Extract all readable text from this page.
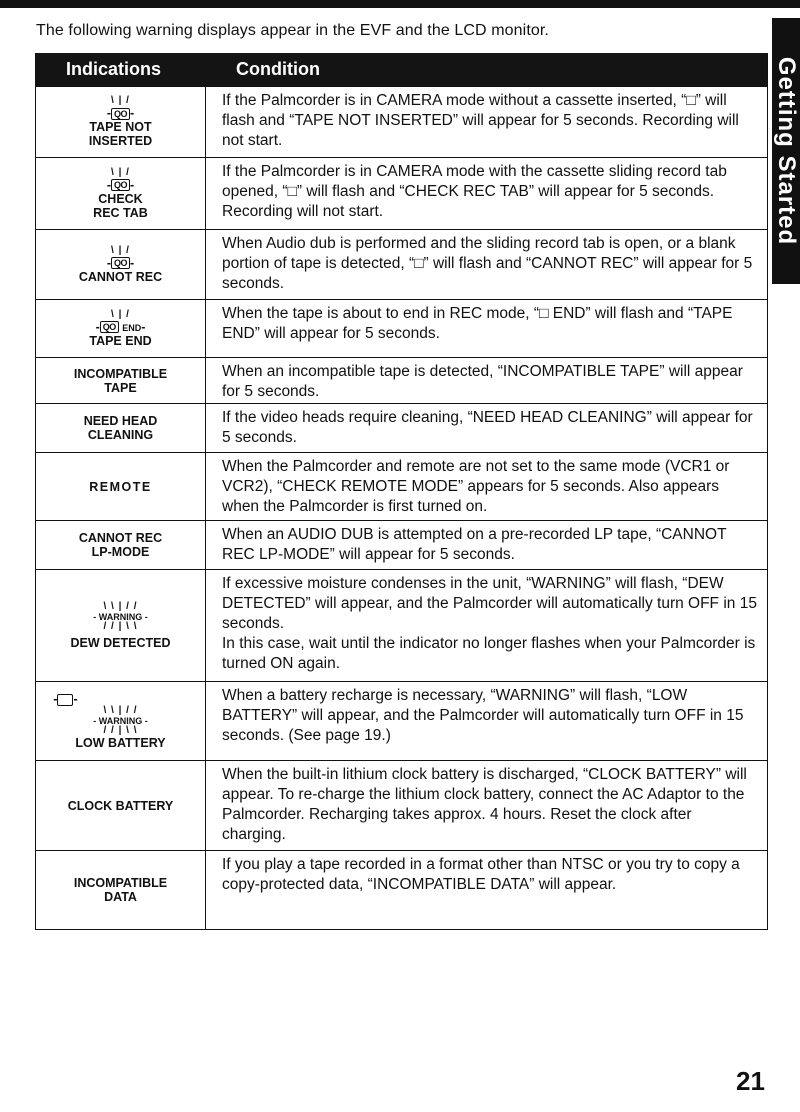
The following warning displays appear in the EVF and the LCD monitor.
Getting Started
Indications	Condition
\ | /
- QO -
TAPE NOT
INSERTED
If the Palmcorder is in CAMERA mode without a cassette inserted, “□” will flash and “TAPE NOT INSERTED” will appear for 5 seconds. Recording will not start.
\ | /
- QO -
CHECK
REC TAB
If the Palmcorder is in CAMERA mode with the cassette sliding record tab opened, “□” will flash and “CHECK REC TAB” will appear for 5 seconds. Recording will not start.
\ | /
- QO -
CANNOT REC
When Audio dub is performed and the sliding record tab is open, or a blank portion of tape is detected, “□” will flash and “CANNOT REC” will appear for 5 seconds.
\ | /
- QO END-
TAPE END
When the tape is about to end in REC mode, “□ END” will flash and “TAPE END” will appear for 5 seconds.
INCOMPATIBLE
TAPE
When an incompatible tape is detected, “INCOMPATIBLE TAPE” will appear for 5 seconds.
NEED HEAD
CLEANING
If the video heads require cleaning, “NEED HEAD CLEANING” will appear for 5 seconds.
REMOTE
When the Palmcorder and remote are not set to the same mode (VCR1 or VCR2), “CHECK REMOTE MODE” appears for 5 seconds. Also appears when the Palmcorder is first turned on.
CANNOT REC
LP-MODE
When an AUDIO DUB is attempted on a pre-recorded LP tape, “CANNOT REC LP-MODE” will appear for 5 seconds.
\ \ | / /
- WARNING -
/ / | \ \
DEW DETECTED

If excessive moisture condenses in the unit, “WARNING” will flash, “DEW DETECTED” will appear, and the Palmcorder will automatically turn OFF in 15 seconds.

In this case, wait until the indicator no longer flashes when your Palmcorder is turned ON again.

- -
\ \ | / /
- WARNING -
/ / | \ \
LOW BATTERY
When a battery recharge is necessary, “WARNING” will flash, “LOW BATTERY” will appear, and the Palmcorder will automatically turn OFF in 15 seconds. (See page 19.)
CLOCK BATTERY
When the built-in lithium clock battery is discharged, “CLOCK BATTERY” will appear. To re-charge the lithium clock battery, connect the AC Adaptor to the Palmcorder. Recharging takes approx. 4 hours. Reset the clock after charging.
INCOMPATIBLE
DATA
If you play a tape recorded in a format other than NTSC or you try to copy a copy-protected data, “INCOMPATIBLE DATA” will appear.
21
